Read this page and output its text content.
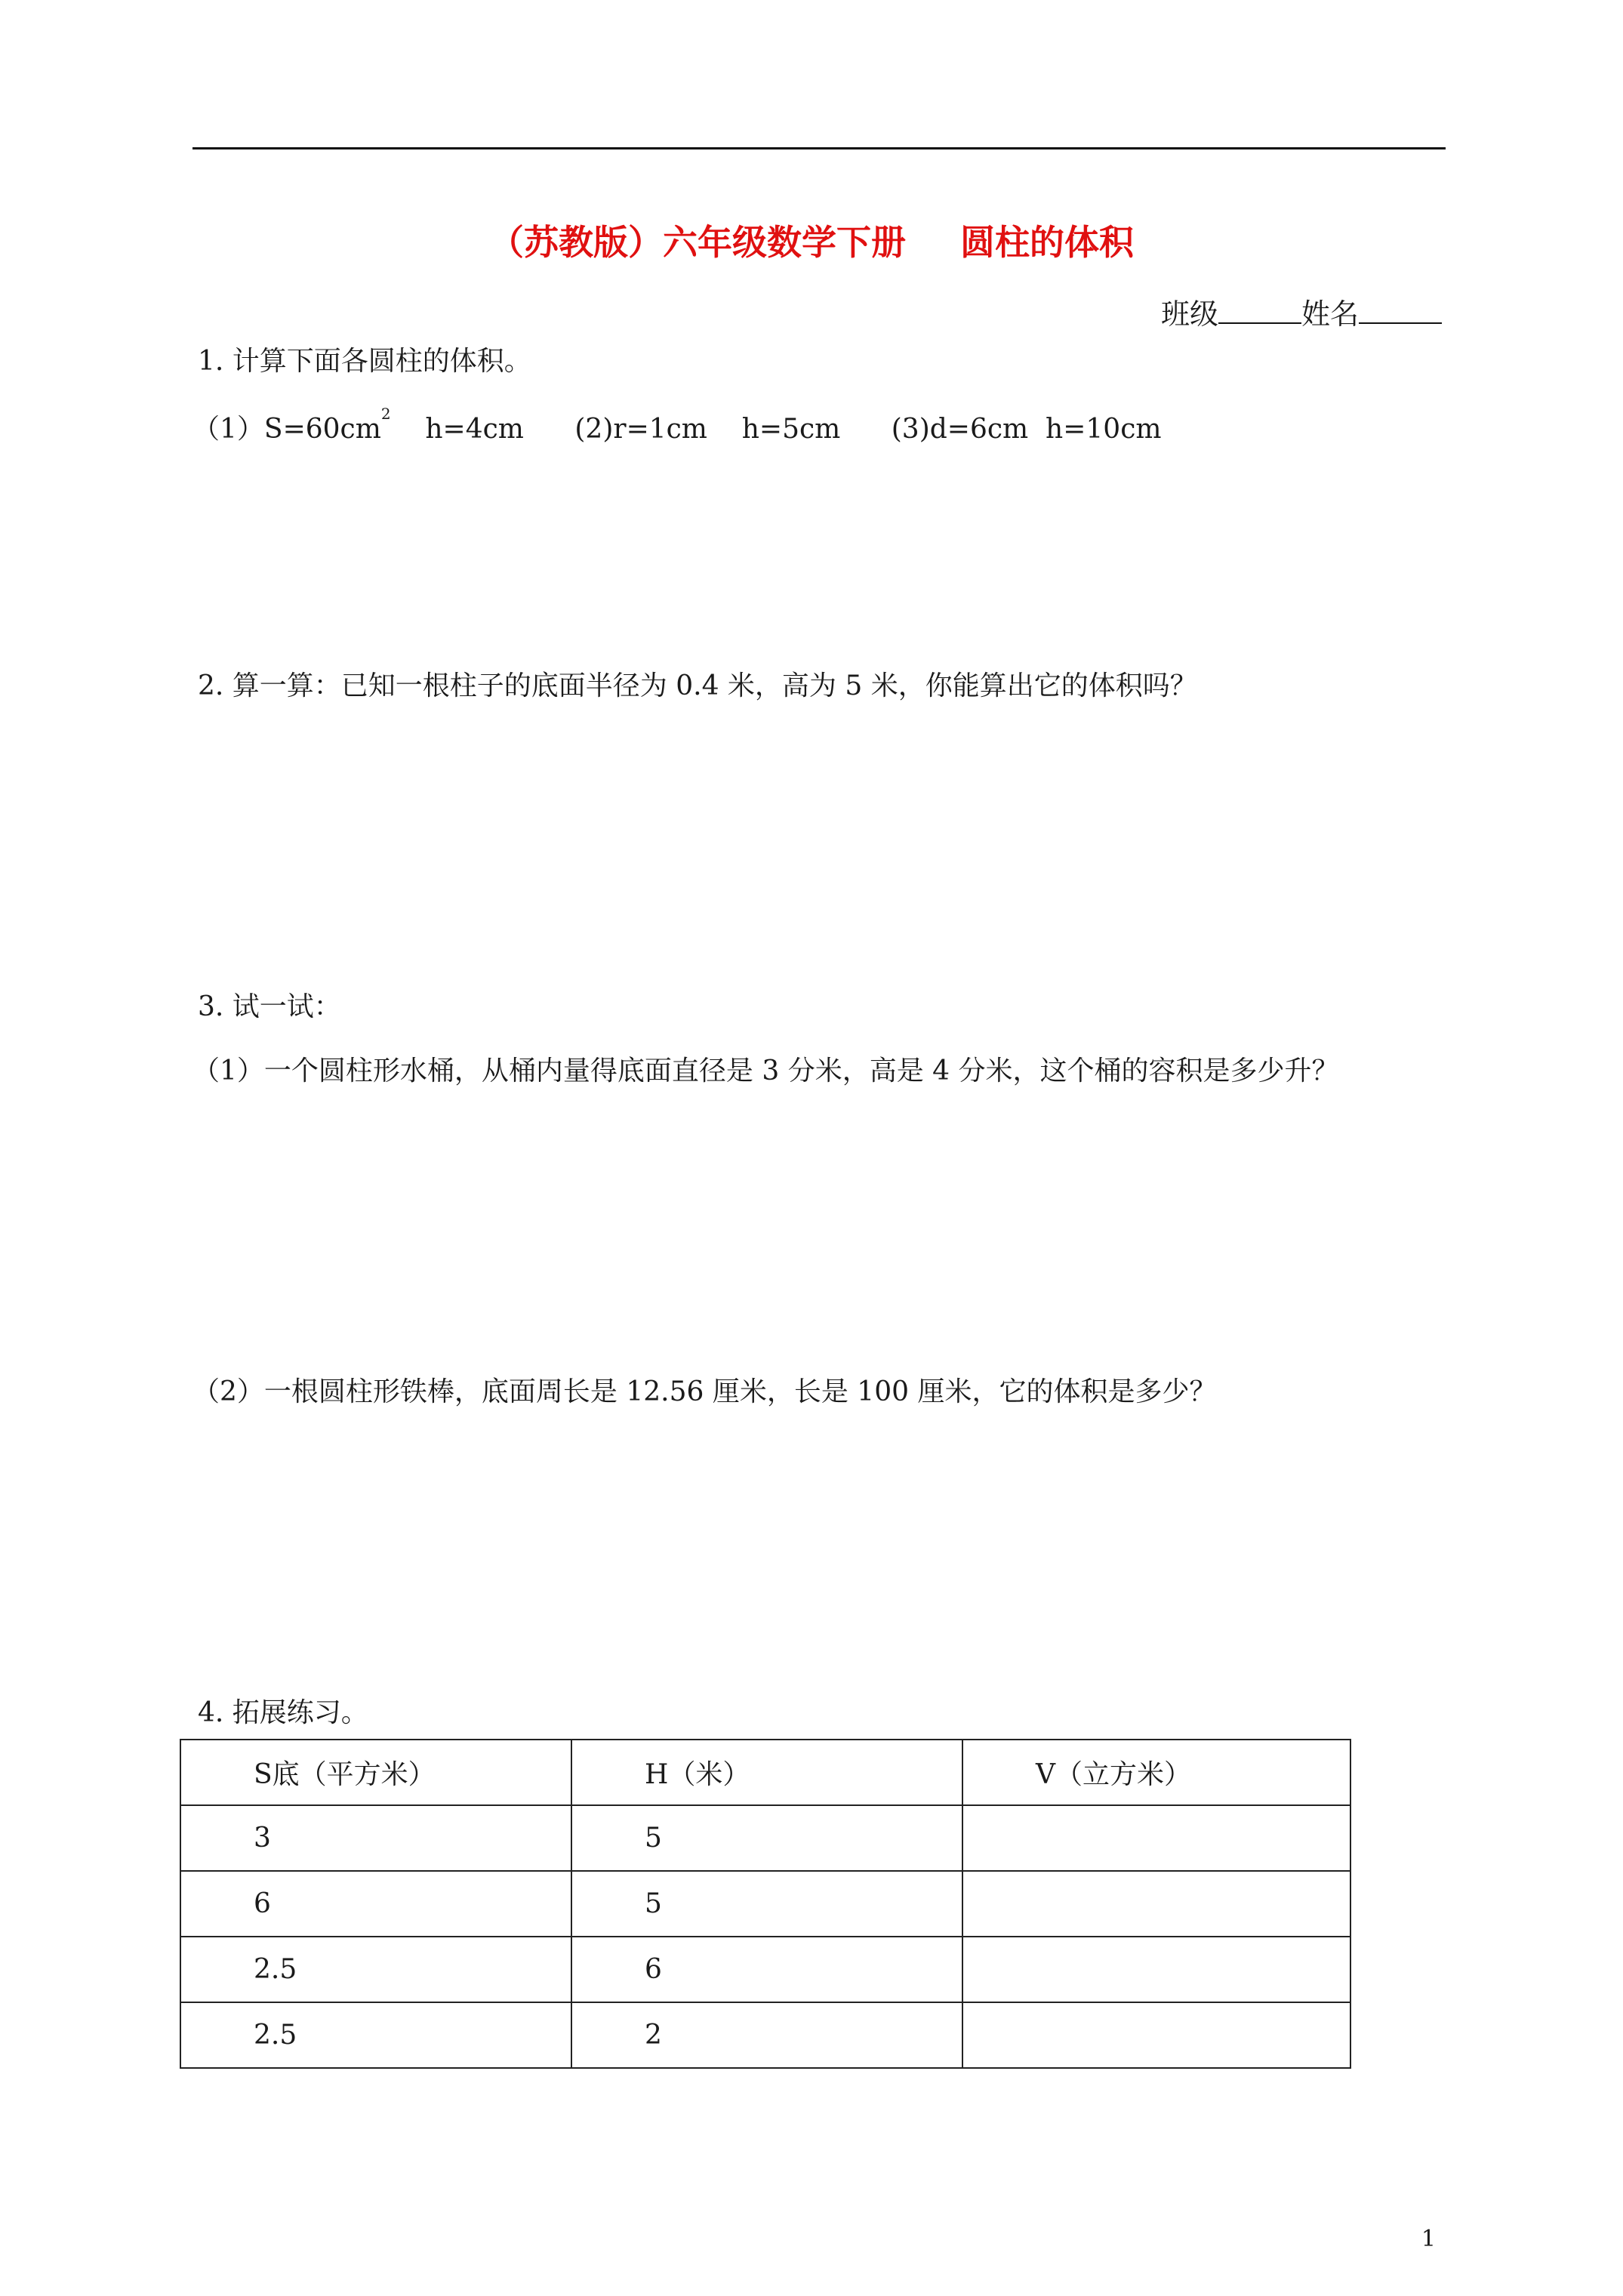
（苏教版）六年级数学下册 圆柱的体积
班级	姓名
1. 计算下面各圆柱的体积。
$(1)S=60cm^2$ h=4cm (2)r=1cm h=5cm (3)d=6cm h=10cm
2. 算一算：已知一根柱子的底面半径为 0.4 米，高为 5 米，你能算出它的体积吗？
3. 试一试：
（1）一个圆柱形水桶，从桶内量得底面直径是 3 分米，高是 4 分米，这个桶的容积是多少升？
（2）一根圆柱形铁棒，底面周长是 12.56 厘米，长是 100 厘米，它的体积是多少？
4. 拓展练习。
S底（平方米）	H（米）	V（立方米）
3	5	
6	5	
2.5	6	
2.5	2	
1
